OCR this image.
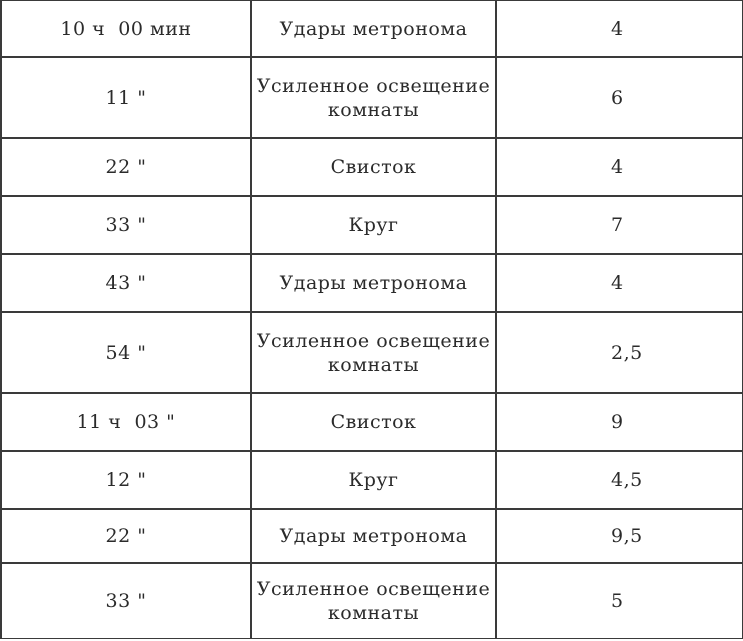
10 ч  00 мин	Удары метронома	4
11 "	Усиленное освещение комнаты	6
22 "	Свисток	4
33 "	Круг	7
43 "	Удары метронома	4
54 "	Усиленное освещение комнаты	2,5
11 ч  03 "	Свисток	9
12 "	Круг	4,5
22 "	Удары метронома	9,5
33 "	Усиленное освещение комнаты	5
